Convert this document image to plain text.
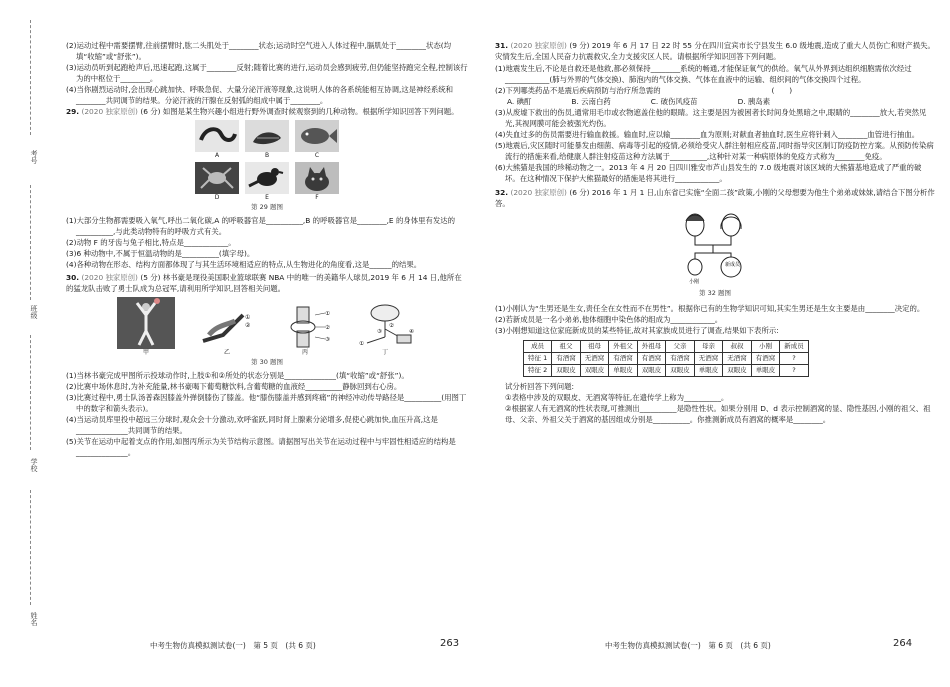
考号
班级
学校
姓名

(2)运动过程中需要摆臂,往前摆臂时,肱二头肌处于________状态;运动时空气进入人体过程中,膈肌处于________状态(均填“收缩”或“舒张”)。

(3)运动员听到起跑枪声后,迅速起跑,这属于________反射;随着比赛的进行,运动员会感到疲劳,但仍能坚持跑完全程,控制该行为的中枢位于________。

(4)当你剧烈运动时,会出现心跳加快、呼吸急促、大量分泌汗液等现象,这说明人体的各系统能相互协调,这是神经系统和________共同调节的结果。分泌汗液的汗腺在反射弧的组成中属于________。

29. (2020 独家原创) (6 分) 如图是某生物兴趣小组进行野外调查时候观察到的几种动物。根据所学知识回答下列问题。

A	B	C
D	E	F
第 29 题图

(1)大部分生物都需要吸入氧气,呼出二氧化碳,A 的呼吸器官是__________,B 的呼吸器官是________,E 的身体里有发达的__________,与此类动物特有的呼吸方式有关。

(2)动物 F 的牙齿与兔子相比,特点是____________。

(3)6 种动物中,不属于恒温动物的是__________(填字母)。

(4)各种动物在形态、结构方面都体现了与其生活环境相适应的特点,从生物进化的角度看,这是______的结果。

30. (2020 独家原创) (5 分) 林书豪是现役美国职业篮球联赛 NBA 中的唯一的美籍华人球员,2019 年 6 月 14 日,他所在的猛龙队击败了勇士队成为总冠军,请利用所学知识,回答相关问题。

甲
①
②
乙
①
②
③
丙
①
②
③	④
丁
第 30 题图

(1)当林书豪完成甲图所示投球动作时,上肢①和②所处的状态分别是______________(填“收缩”或“舒张”)。

(2)比赛中场休息时,为补充能量,林书豪喝下葡萄糖饮料,含葡萄糖的血液经__________静脉回到右心房。

(3)比赛过程中,勇士队汤普森因膝盖外弹倒膝伤了膝盖。他“膝伤膝盖并感到疼痛”的神经冲动传导路径是__________(用图丁中的数字和箭头表示)。

(4)当运动员库里投中超远三分球时,观众会十分激动,欢呼雀跃,同时肾上腺素分泌增多,促使心跳加快,血压升高,这是______________共同调节的结果。

(5)关节在运动中起着支点的作用,如图丙所示为关节结构示意图。请据图写出关节在运动过程中与牢固性相适应的结构是______________。

中考生物仿真模拟测试卷(一)　第 5 页　(共 6 页)	263

31. (2020 独家原创) (9 分) 2019 年 6 月 17 日 22 时 55 分在四川宜宾市长宁县发生 6.0 级地震,造成了重大人员伤亡和财产损失。灾情发生后,全国人民奋力抗震救灾,全力支援灾区人民。请根据所学知识回答下列问题。

(1)地震发生后,不论是自救还是他救,都必须保持________系统的畅通,才能保证氧气的供给。氧气从外界到达组织细胞需依次经过____________(肺与外界的气体交换)、肺泡内的气体交换、气体在血液中的运输、组织间的气体交换四个过程。

(2)下列哪类药品不是震后疾病预防与治疗所急需的　　　　　　　　　　　　　　　(　　)

A. 碘酊	B. 云南白药	C. 破伤风疫苗	D. 胰岛素

(3)从废墟下救出的伤员,通常用毛巾或衣物遮盖住他的眼睛。这主要是因为被困者长时间身处黑暗之中,眼睛的________放大,若突然见光,其视网膜可能会被强光灼伤。

(4)失血过多的伤员需要进行输血救援。输血时,应以输________血为原则;对献血者抽血时,医生应将针刺入________血管进行抽血。

(5)地震后,灾区随时可能暴发由细菌、病毒等引起的疫情,必须给受灾人群注射相应疫苗,同时指导灾区制订防疫防控方案。从预防传染病流行的措施来看,给健康人群注射疫苗这种方法属于__________,这种针对某一种病原体的免疫方式称为________免疫。

(6)大熊猫是我国的珍稀动物之一。2013 年 4 月 20 日四川雅安市芦山县发生的 7.0 级地震对该区域的大熊猫基地造成了严重的破坏。在这种情况下保护大熊猫最好的措施是将其进行____________。

32. (2020 独家原创) (6 分) 2016 年 1 月 1 日,山东省已实施“全面二孩”政策,小刚的父母想要为他生个弟弟或妹妹,请结合下图分析作答。

新成员
小刚
第 32 题图

(1)小刚认为“生男还是生女,责任全在女性而不在男性”。根据你已有的生物学知识可知,其实生男还是生女主要是由________决定的。

(2)若新成员是一名小弟弟,他体细胞中染色体的组成为____________。

(3)小刚想知道这位家庭新成员的某些特征,故对其家族成员进行了调查,结果如下表所示:

成员	祖父	祖母	外祖父	外祖母	父亲	母亲	叔叔	小刚	新成员
特征 1	有酒窝	无酒窝	有酒窝	有酒窝	有酒窝	无酒窝	无酒窝	有酒窝	?
特征 2	双眼皮	双眼皮	单眼皮	双眼皮	双眼皮	单眼皮	双眼皮	单眼皮	?

试分析回答下列问题:

①表格中涉及的双眼皮、无酒窝等特征,在遗传学上称为__________。

②根据家人有无酒窝的性状表现,可推测出__________是隐性性状。如果分别用 D、d 表示控制酒窝的显、隐性基因,小刚的祖父、祖母、父亲、外祖父关于酒窝的基因组成分别是__________。你推测新成员有酒窝的概率是________。

中考生物仿真模拟测试卷(一)　第 6 页　(共 6 页)	264
